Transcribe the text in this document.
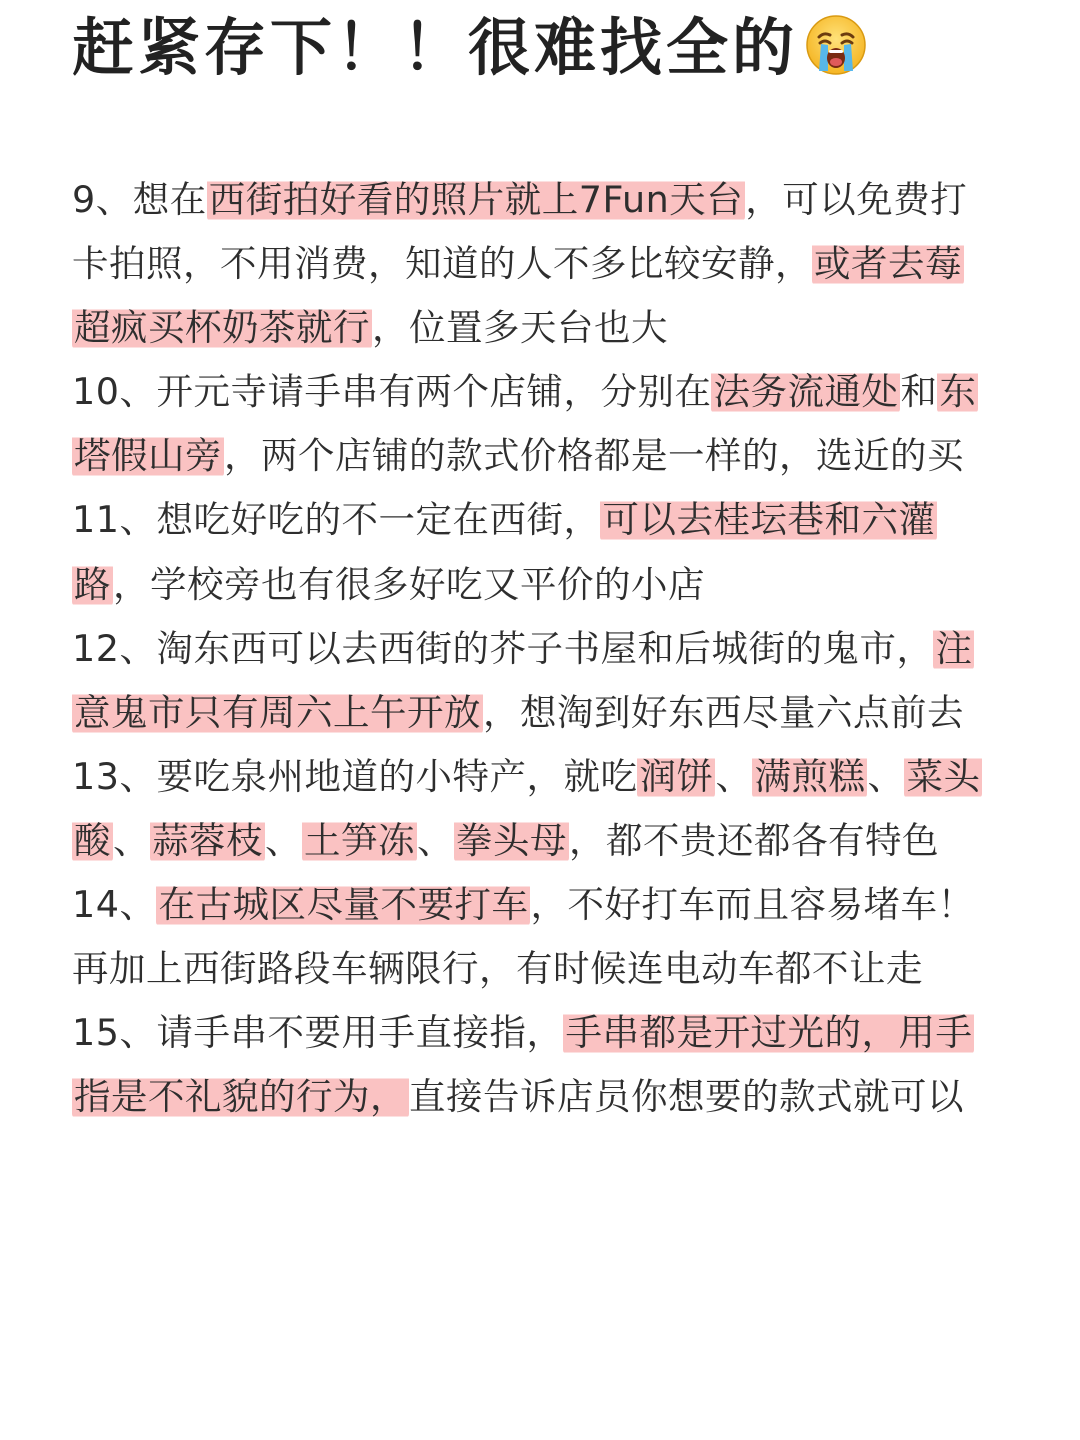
赶紧存下！！很难找全的

9、想在西街拍好看的照片就上7Fun天台，可以免费打卡拍照，不用消费，知道的人不多比较安静，或者去莓超疯买杯奶茶就行，位置多天台也大

10、开元寺请手串有两个店铺，分别在法务流通处和东塔假山旁，两个店铺的款式价格都是一样的，选近的买

11、想吃好吃的不一定在西街，可以去桂坛巷和六灌路，学校旁也有很多好吃又平价的小店

12、淘东西可以去西街的芥子书屋和后城街的鬼市，注意鬼市只有周六上午开放，想淘到好东西尽量六点前去

13、要吃泉州地道的小特产，就吃润饼、满煎糕、菜头酸、蒜蓉枝、土笋冻、拳头母，都不贵还都各有特色

14、在古城区尽量不要打车，不好打车而且容易堵车！再加上西街路段车辆限行，有时候连电动车都不让走

15、请手串不要用手直接指，手串都是开过光的，用手指是不礼貌的行为，直接告诉店员你想要的款式就可以
